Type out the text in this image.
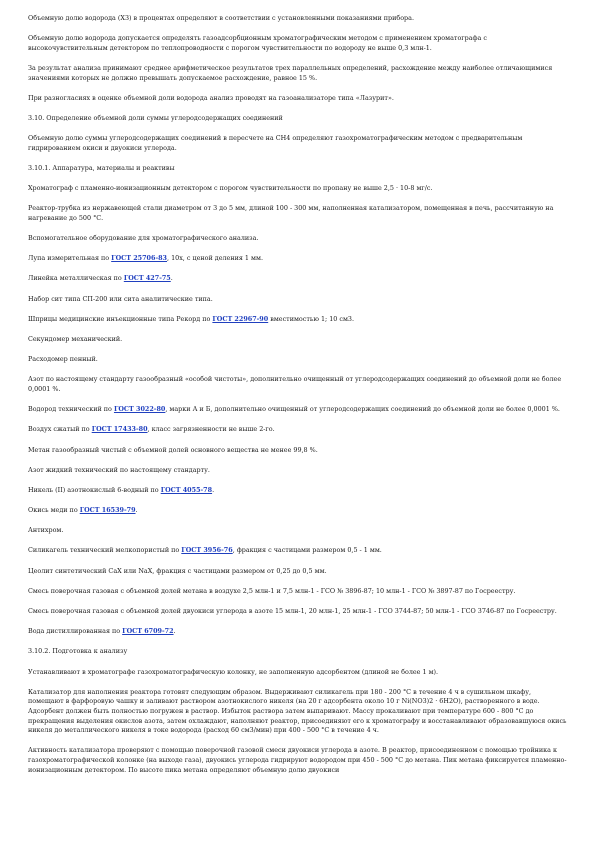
Объемную долю водорода (Х3) в процентах определяют в соответствии с установленными показаниями прибора.

Объемную долю водорода допускается определять газоадсорбционным хроматографическим методом с применением хроматографа с высокочувствительным детектором по теплопроводности с порогом чувствительности по водороду не выше 0,3 млн-1.

За результат анализа принимают среднее арифметическое результатов трех параллельных определений, расхождение между наиболее отличающимися значениями которых не должно превышать допускаемое расхождение, равное 15 %.

При разногласиях в оценке объемной доли водорода анализ проводят на газоанализаторе типа «Лазурит».

3.10. Определение объемной доли суммы углеродсодержащих соединений

Объемную долю суммы углеродсодержащих соединений в пересчете на СН4 определяют газохроматографическим методом с предварительным гидрированием окиси и двуокиси углерода.

3.10.1. Аппаратура, материалы и реактивы

Хроматограф с пламенно-ионизационным детектором с порогом чувствительности по пропану не выше 2,5 · 10-8 мг/с.

Реактор-трубка из нержавеющей стали диаметром от 3 до 5 мм, длиной 100 - 300 мм, наполненная катализатором, помещенная в печь, рассчитанную на нагревание до 500 °С.

Вспомогательное оборудование для хроматографического анализа.

Лупа измерительная по ГОСТ 25706-83, 10х, с ценой деления 1 мм.

Линейка металлическая по ГОСТ 427-75.

Набор сит типа СП-200 или сита аналитические типа.

Шприцы медицинские инъекционные типа Рекорд по ГОСТ 22967-90 вместимостью 1; 10 см3.

Секундомер механический.

Расходомер пенный.

Азот по настоящему стандарту газообразный «особой чистоты», дополнительно очищенный от углеродсодержащих соединений до объемной доли не более 0,0001 %.

Водород технический по ГОСТ 3022-80, марки А и Б, дополнительно очищенный от углеродсодержащих соединений до объемной доли не более 0,0001 %.

Воздух сжатый по ГОСТ 17433-80, класс загрязненности не выше 2-го.

Метан газообразный чистый с объемной долей основного вещества не менее 99,8 %.

Азот жидкий технический по настоящему стандарту.

Никель (II) азотнокислый 6-водный по ГОСТ 4055-78.

Окись меди по ГОСТ 16539-79.

Антихром.

Силикагель технический мелкопористый по ГОСТ 3956-76, фракция с частицами размером 0,5 - 1 мм.

Цеолит синтетический СаХ или NaX, фракция с частицами размером от 0,25 до 0,5 мм.

Смесь поверочная газовая с объемной долей метана в воздухе 2,5 млн-1 и 7,5 млн-1 - ГСО № 3896-87; 10 млн-1 - ГСО № 3897-87 по Госреестру.

Смесь поверочная газовая с объемной долей двуокиси углерода в азоте 15 млн-1, 20 млн-1, 25 млн-1 - ГСО 3744-87; 50 млн-1 - ГСО 3746-87 по Госреестру.

Вода дистиллированная по ГОСТ 6709-72.

3.10.2. Подготовка к анализу

Устанавливают в хроматографе газохроматографическую колонку, не заполненную адсорбентом (длиной не более 1 м).

Катализатор для наполнения реактора готовят следующим образом. Выдерживают силикагель при 180 - 200 °С в течение 4 ч в сушильном шкафу, помещают в фарфоровую чашку и заливают раствором азотнокислого никеля (на 20 г адсорбента около 10 г Ni(NO3)2 · 6H2O), растворенного в воде. Адсорбент должен быть полностью погружен в раствор. Избыток раствора затем выпаривают. Массу прокаливают при температуре 600 - 800 °С до прекращения выделения окислов азота, затем охлаждают, наполняют реактор, присоединяют его к хроматографу и восстанавливают образовавшуюся окись никеля до металлического никеля в токе водорода (расход 60 см3/мин) при 400 - 500 °С в течение 4 ч.

Активность катализатора проверяют с помощью поверочной газовой смеси двуокиси углерода в азоте. В реактор, присоединенном с помощью тройника к газохроматографической колонке (на выходе газа), двуокись углерода гидрируют водородом при 450 - 500 °С до метана. Пик метана фиксируется пламенно-ионизационным детектором. По высоте пика метана определяют объемную долю двуокиси
